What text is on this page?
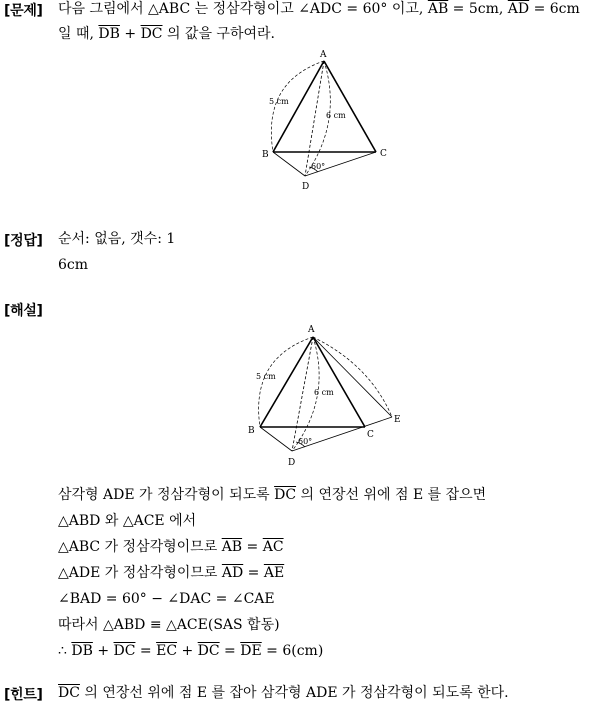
[문제] 다음 그림에서 △ABC 는 정삼각형이고 ∠ADC = 60° 이고, $\overline{AB} = 5cm$, $\overline{AD} = 6cm$
일 때, $\overline{DB} + \overline{DC}$ 의 값을 구하여라.
A
B	C
D
5 cm
6 cm
60°
[정답] 순서: 없음, 갯수: 1
6cm
[해설]
A
B	C
D
E
5 cm
6 cm
60°
삼각형 ADE 가 정삼각형이 되도록 $\overline{DC}$ 의 연장선 위에 점 E 를 잡으면
△ABD 와 △ACE 에서
△ABC 가 정삼각형이므로 $\overline{AB} = \overline{AC}$
△ADE 가 정삼각형이므로 $\overline{AD} = \overline{AE}$
∠BAD = 60° − ∠DAC = ∠CAE
따라서 △ABD ≡ △ACE(SAS 합동)
∴ $\overline{DB} + \overline{DC} = \overline{EC} + \overline{DC} = \overline{DE} = 6(cm)$
[힌트] $\overline{DC}$ 의 연장선 위에 점 E 를 잡아 삼각형 ADE 가 정삼각형이 되도록 한다.
